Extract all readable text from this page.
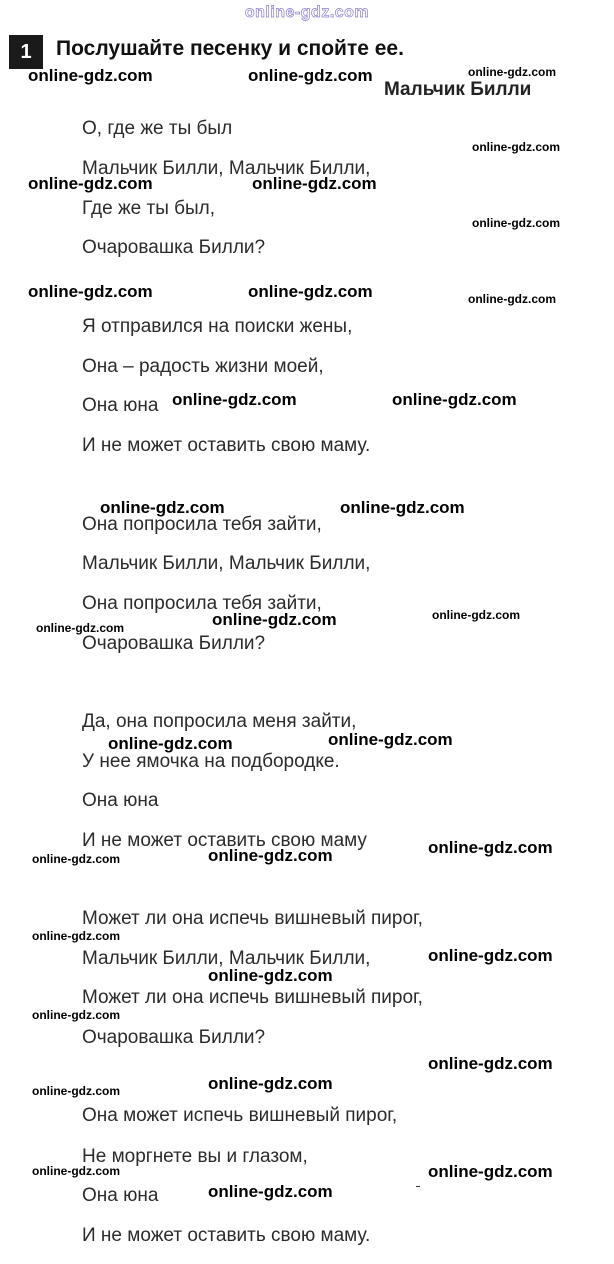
online-gdz.com
1	Послушайте песенку и спойте ее.
Мальчик Билли
О, где же ты был
Мальчик Билли, Мальчик Билли,
Где же ты был,
Очаровашка Билли?
Я отправился на поиски жены,
Она – радость жизни моей,
Она юна
И не может оставить свою маму.
Она попросила тебя зайти,
Мальчик Билли, Мальчик Билли,
Она попросила тебя зайти,
Очаровашка Билли?
Да, она попросила меня зайти,
У нее ямочка на подбородке.
Она юна
И не может оставить свою маму
Может ли она испечь вишневый пирог,
Мальчик Билли, Мальчик Билли,
Может ли она испечь вишневый пирог,
Очаровашка Билли?
Она может испечь вишневый пирог,
Не моргнете вы и глазом,
Она юна
И не может оставить свою маму.
online-gdz.com	online-gdz.com	online-gdz.com
online-gdz.com
online-gdz.com	online-gdz.com
online-gdz.com
online-gdz.com	online-gdz.com	online-gdz.com
online-gdz.com	online-gdz.com
online-gdz.com	online-gdz.com
online-gdz.com
online-gdz.com	online-gdz.com
online-gdz.com	online-gdz.com
online-gdz.com
online-gdz.com	online-gdz.com
online-gdz.com
online-gdz.com
online-gdz.com
online-gdz.com
online-gdz.com
online-gdz.com
online-gdz.com
online-gdz.com	online-gdz.com
online-gdz.com
